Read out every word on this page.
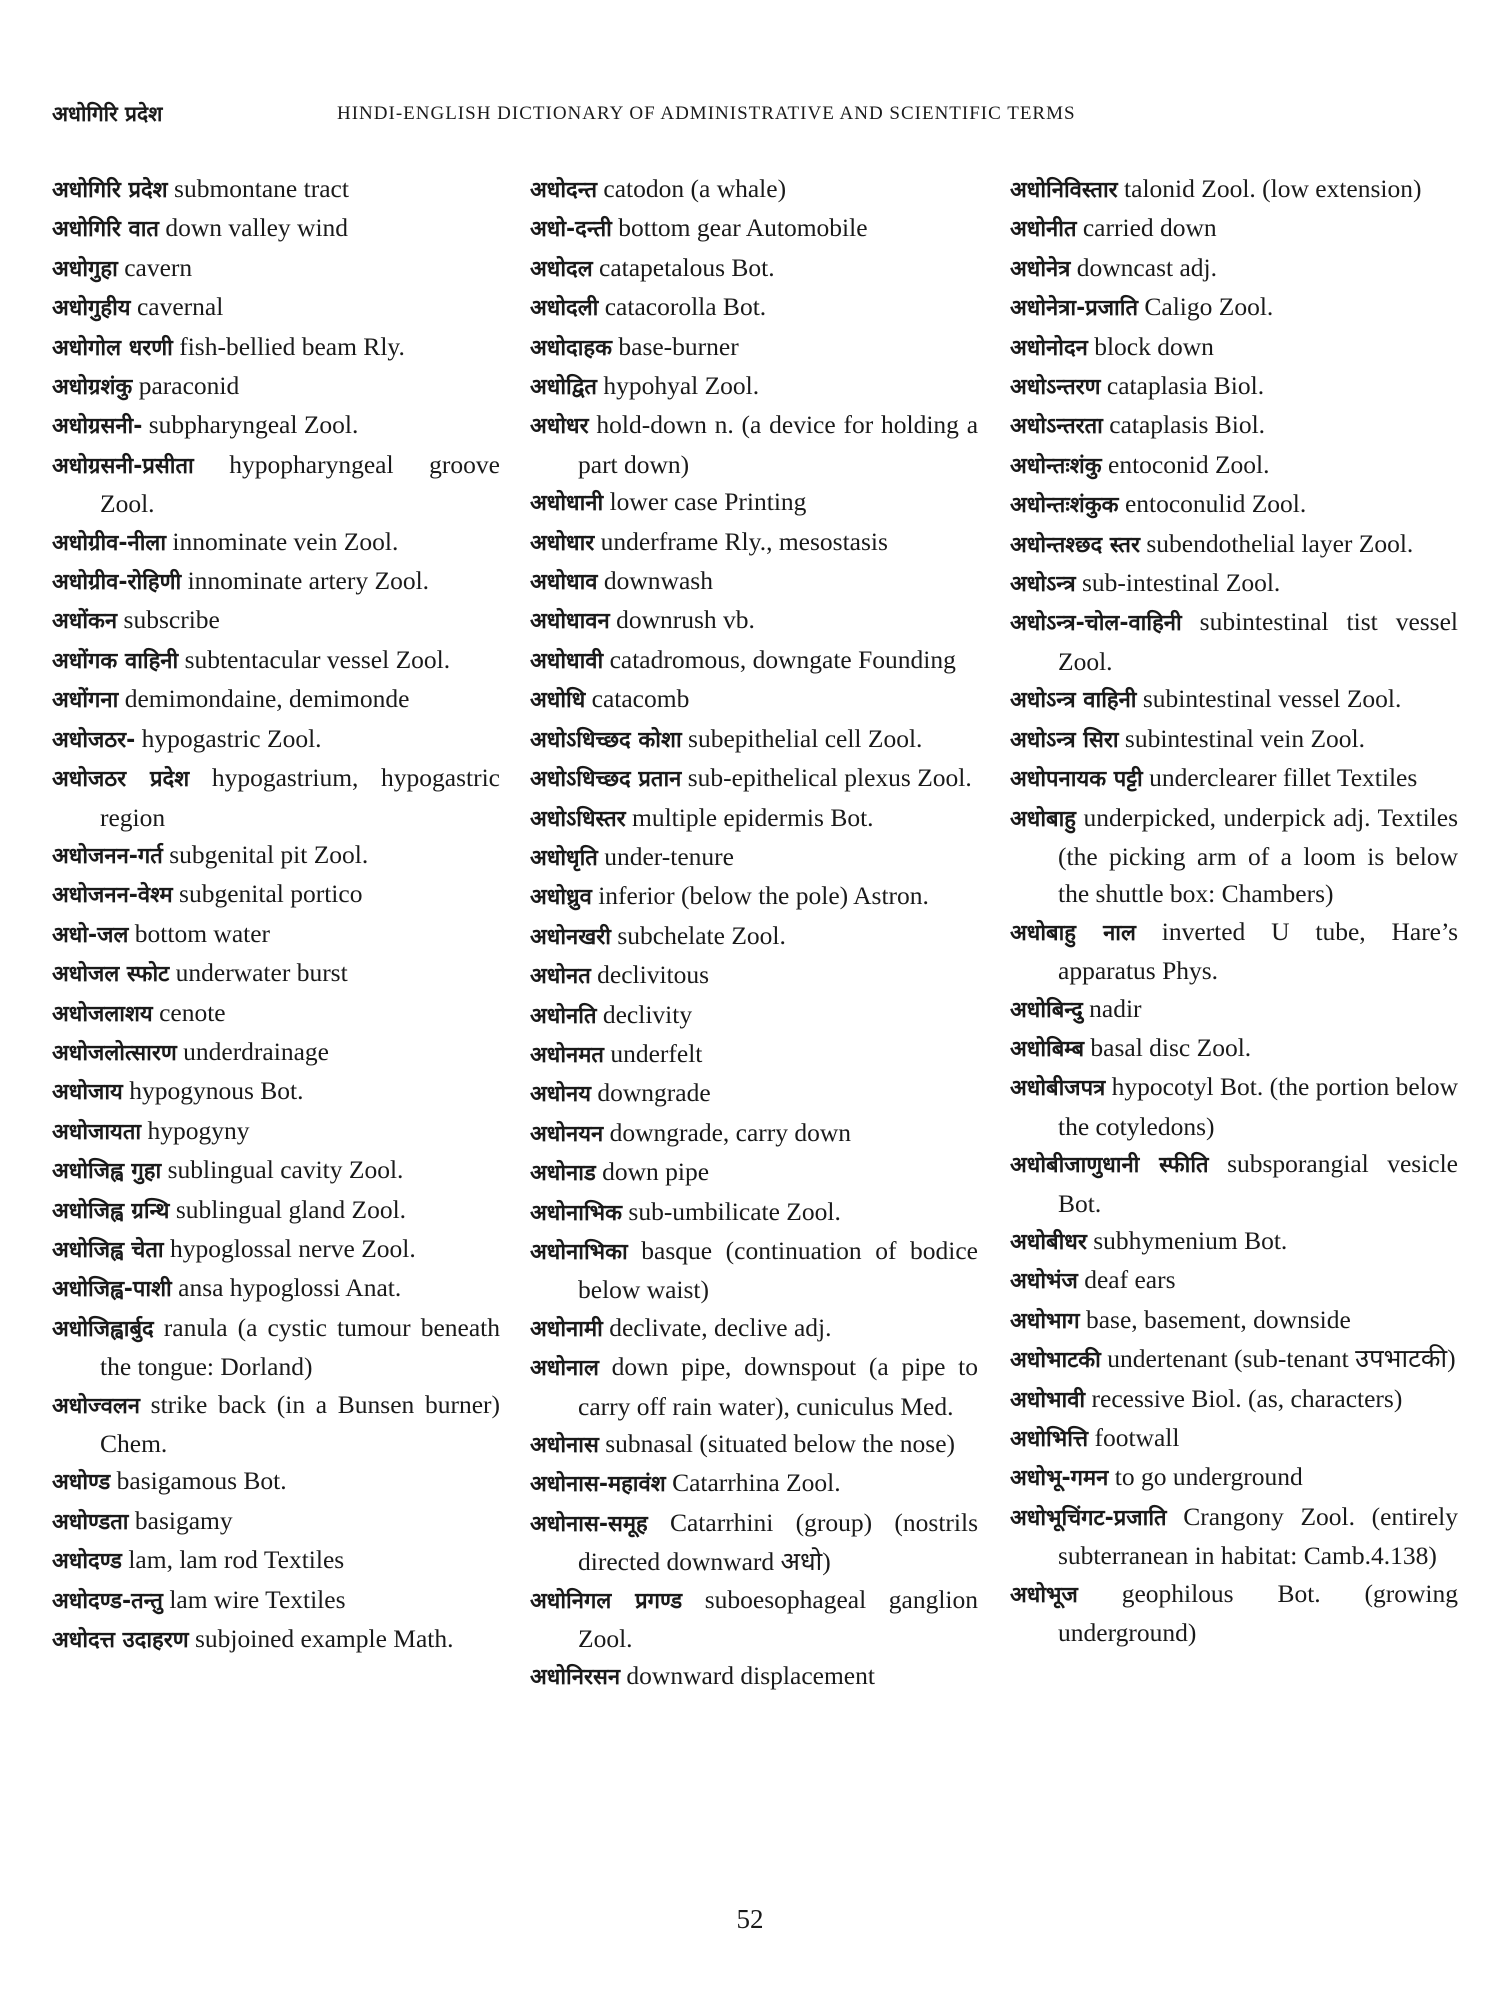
अधोगिरि प्रदेश	HINDI-ENGLISH DICTIONARY OF ADMINISTRATIVE AND SCIENTIFIC TERMS

अधोगिरि प्रदेश submontane tract

अधोगिरि वात down valley wind

अधोगुहा cavern

अधोगुहीय cavernal

अधोगोल धरणी fish-bellied beam Rly.

अधोग्रशंकु paraconid

अधोग्रसनी- subpharyngeal Zool.

अधोग्रसनी-प्रसीता hypopharyngeal groove Zool.

अधोग्रीव-नीला innominate vein Zool.

अधोग्रीव-रोहिणी innominate artery Zool.

अधोंकन subscribe

अधोंगक वाहिनी subtentacular vessel Zool.

अधोंगना demimondaine, demimonde

अधोजठर- hypogastric Zool.

अधोजठर प्रदेश hypogastrium, hypogastric region

अधोजनन-गर्त subgenital pit Zool.

अधोजनन-वेश्म subgenital portico

अधो-जल bottom water

अधोजल स्फोट underwater burst

अधोजलाशय cenote

अधोजलोत्सारण underdrainage

अधोजाय hypogynous Bot.

अधोजायता hypogyny

अधोजिह्व गुहा sublingual cavity Zool.

अधोजिह्व ग्रन्थि sublingual gland Zool.

अधोजिह्व चेता hypoglossal nerve Zool.

अधोजिह्व-पाशी ansa hypoglossi Anat.

अधोजिह्वार्बुद ranula (a cystic tumour beneath the tongue: Dorland)

अधोज्वलन strike back (in a Bunsen burner) Chem.

अधोण्ड basigamous Bot.

अधोण्डता basigamy

अधोदण्ड lam, lam rod Textiles

अधोदण्ड-तन्तु lam wire Textiles

अधोदत्त उदाहरण subjoined example Math.

अधोदन्त catodon (a whale)

अधो-दन्ती bottom gear Automobile

अधोदल catapetalous Bot.

अधोदली catacorolla Bot.

अधोदाहक base-burner

अधोद्वित hypohyal Zool.

अधोधर hold-down n. (a device for holding a part down)

अधोधानी lower case Printing

अधोधार underframe Rly., mesostasis

अधोधाव downwash

अधोधावन downrush vb.

अधोधावी catadromous, downgate Founding

अधोधि catacomb

अधोऽधिच्छद कोशा subepithelial cell Zool.

अधोऽधिच्छद प्रतान sub-epithelical plexus Zool.

अधोऽधिस्तर multiple epidermis Bot.

अधोधृति under-tenure

अधोध्रुव inferior (below the pole) Astron.

अधोनखरी subchelate Zool.

अधोनत declivitous

अधोनति declivity

अधोनमत underfelt

अधोनय downgrade

अधोनयन downgrade, carry down

अधोनाड down pipe

अधोनाभिक sub-umbilicate Zool.

अधोनाभिका basque (continuation of bodice below waist)

अधोनामी declivate, declive adj.

अधोनाल down pipe, downspout (a pipe to carry off rain water), cuniculus Med.

अधोनास subnasal (situated below the nose)

अधोनास-महावंश Catarrhina Zool.

अधोनास-समूह Catarrhini (group) (nostrils directed downward अधो)

अधोनिगल प्रगण्ड suboesophageal ganglion Zool.

अधोनिरसन downward displacement

अधोनिविस्तार talonid Zool. (low extension)

अधोनीत carried down

अधोनेत्र downcast adj.

अधोनेत्रा-प्रजाति Caligo Zool.

अधोनोदन block down

अधोऽन्तरण cataplasia Biol.

अधोऽन्तरता cataplasis Biol.

अधोन्तःशंकु entoconid Zool.

अधोन्तःशंकुक entoconulid Zool.

अधोन्तश्छद स्तर subendothelial layer Zool.

अधोऽन्त्र sub-intestinal Zool.

अधोऽन्त्र-चोल-वाहिनी subintestinal tist vessel Zool.

अधोऽन्त्र वाहिनी subintestinal vessel Zool.

अधोऽन्त्र सिरा subintestinal vein Zool.

अधोपनायक पट्टी underclearer fillet Textiles

अधोबाहु underpicked, underpick adj. Textiles (the picking arm of a loom is below the shuttle box: Chambers)

अधोबाहु नाल inverted U tube, Hare’s apparatus Phys.

अधोबिन्दु nadir

अधोबिम्ब basal disc Zool.

अधोबीजपत्र hypocotyl Bot. (the portion below the cotyledons)

अधोबीजाणुधानी स्फीति subsporangial vesicle Bot.

अधोबीधर subhymenium Bot.

अधोभंज deaf ears

अधोभाग base, basement, downside

अधोभाटकी undertenant (sub-tenant उपभाटकी)

अधोभावी recessive Biol. (as, characters)

अधोभित्ति footwall

अधोभू-गमन to go underground

अधोभूचिंगट-प्रजाति Crangony Zool. (entirely subterranean in habitat: Camb.4.138)

अधोभूज geophilous Bot. (growing underground)

52
